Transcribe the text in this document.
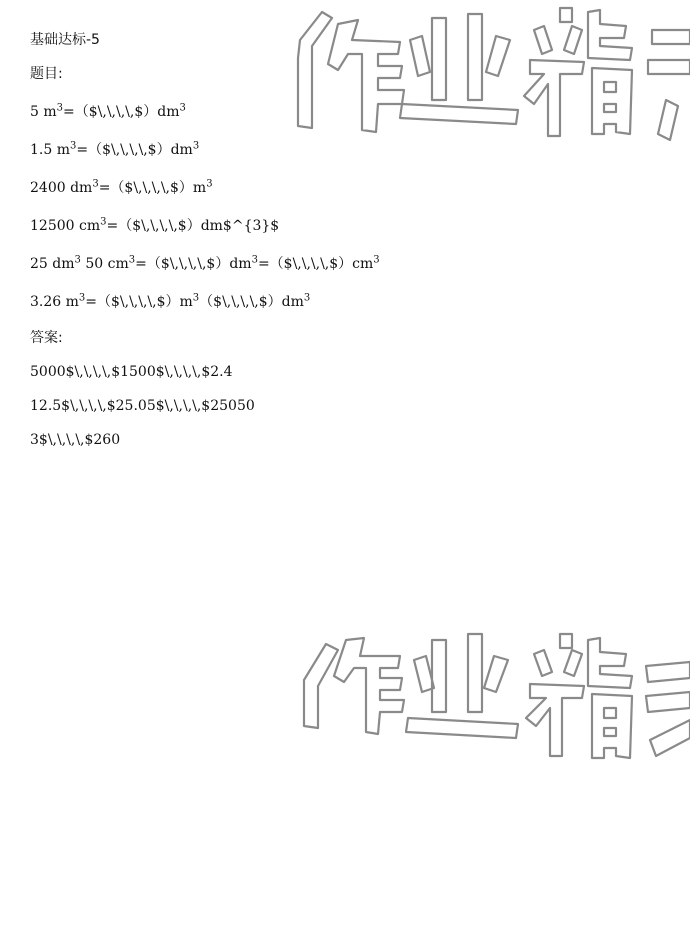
基础达标-5
题目:
5 $m^3=(\$\backslash,\backslash,\backslash,\backslash,\$)dm^3$
1.5 $m^3=(\$\backslash,\backslash,\backslash,\backslash,\$)dm^3$
2400 $dm^3=(\$\backslash,\backslash,\backslash,\backslash,\$)m^3$
12500 $cm^3=(\$\backslash,\backslash,\backslash,\backslash,\$)dm\$\^{}\{3\}\$$
25 $dm^3$ 50 $cm^3=(\$\backslash,\backslash,\backslash,\backslash,\$)dm^3=(\$\backslash,\backslash,\backslash,\backslash,\$)cm^3$
3.26 $m^3=(\$\backslash,\backslash,\backslash,\backslash,\$)m^3(\$\backslash,\backslash,\backslash,\backslash,\$)dm^3$
答案:
5000$\,\,\,\,$1500$\,\,\,\,$2.4
12.5$\,\,\,\,$25.05$\,\,\,\,$25050
3$\,\,\,\,$260
